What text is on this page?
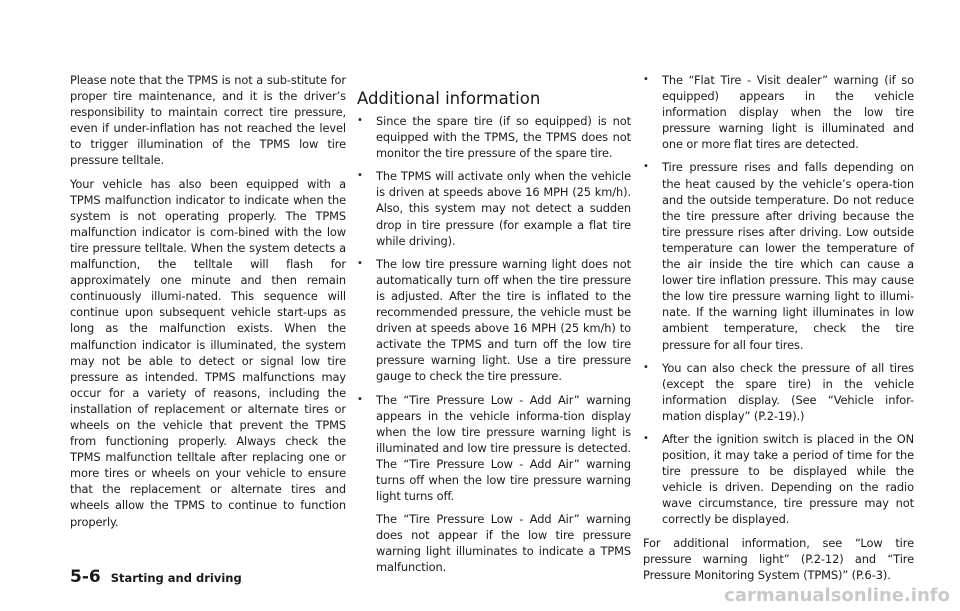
Please note that the TPMS is not a sub-stitute for proper tire maintenance, and it is the driver’s responsibility to maintain correct tire pressure, even if under-inflation has not reached the level to trigger illumination of the TPMS low tire pressure telltale.

Your vehicle has also been equipped with a TPMS malfunction indicator to indicate when the system is not operating properly. The TPMS malfunction indicator is com-bined with the low tire pressure telltale. When the system detects a malfunction, the telltale will flash for approximately one minute and then remain continuously illumi-nated. This sequence will continue upon subsequent vehicle start-ups as long as the malfunction exists. When the malfunction indicator is illuminated, the system may not be able to detect or signal low tire pressure as intended. TPMS malfunctions may occur for a variety of reasons, including the installation of replacement or alternate tires or wheels on the vehicle that prevent the TPMS from functioning properly. Always check the TPMS malfunction telltale after replacing one or more tires or wheels on your vehicle to ensure that the replacement or alternate tires and wheels allow the TPMS to continue to function properly.

Additional information
• Since the spare tire (if so equipped) is not equipped with the TPMS, the TPMS does not monitor the tire pressure of the spare tire.
• The TPMS will activate only when the vehicle is driven at speeds above 16 MPH (25 km/h). Also, this system may not detect a sudden drop in tire pressure (for example a flat tire while driving).
• The low tire pressure warning light does not automatically turn off when the tire pressure is adjusted. After the tire is inflated to the recommended pressure, the vehicle must be driven at speeds above 16 MPH (25 km/h) to activate the TPMS and turn off the low tire pressure warning light. Use a tire pressure gauge to check the tire pressure.
• The “Tire Pressure Low - Add Air” warning appears in the vehicle informa-tion display when the low tire pressure warning light is illuminated and low tire pressure is detected. The “Tire Pressure Low - Add Air” warning turns off when the low tire pressure warning light turns off.
The “Tire Pressure Low - Add Air” warning does not appear if the low tire pressure warning light illuminates to indicate a TPMS malfunction.
• The “Flat Tire - Visit dealer” warning (if so equipped) appears in the vehicle information display when the low tire pressure warning light is illuminated and one or more flat tires are detected.
• Tire pressure rises and falls depending on the heat caused by the vehicle’s opera-tion and the outside temperature. Do not reduce the tire pressure after driving because the tire pressure rises after driving. Low outside temperature can lower the temperature of the air inside the tire which can cause a lower tire inflation pressure. This may cause the low tire pressure warning light to illumi-nate. If the warning light illuminates in low ambient temperature, check the tire pressure for all four tires.
• You can also check the pressure of all tires (except the spare tire) in the vehicle information display. (See “Vehicle infor-mation display” (P.2-19).)
• After the ignition switch is placed in the ON position, it may take a period of time for the tire pressure to be displayed while the vehicle is driven. Depending on the radio wave circumstance, tire pressure may not correctly be displayed.

For additional information, see “Low tire pressure warning light” (P.2-12) and “Tire Pressure Monitoring System (TPMS)” (P.6-3).

5-6 Starting and driving
carmanualsonline.info
